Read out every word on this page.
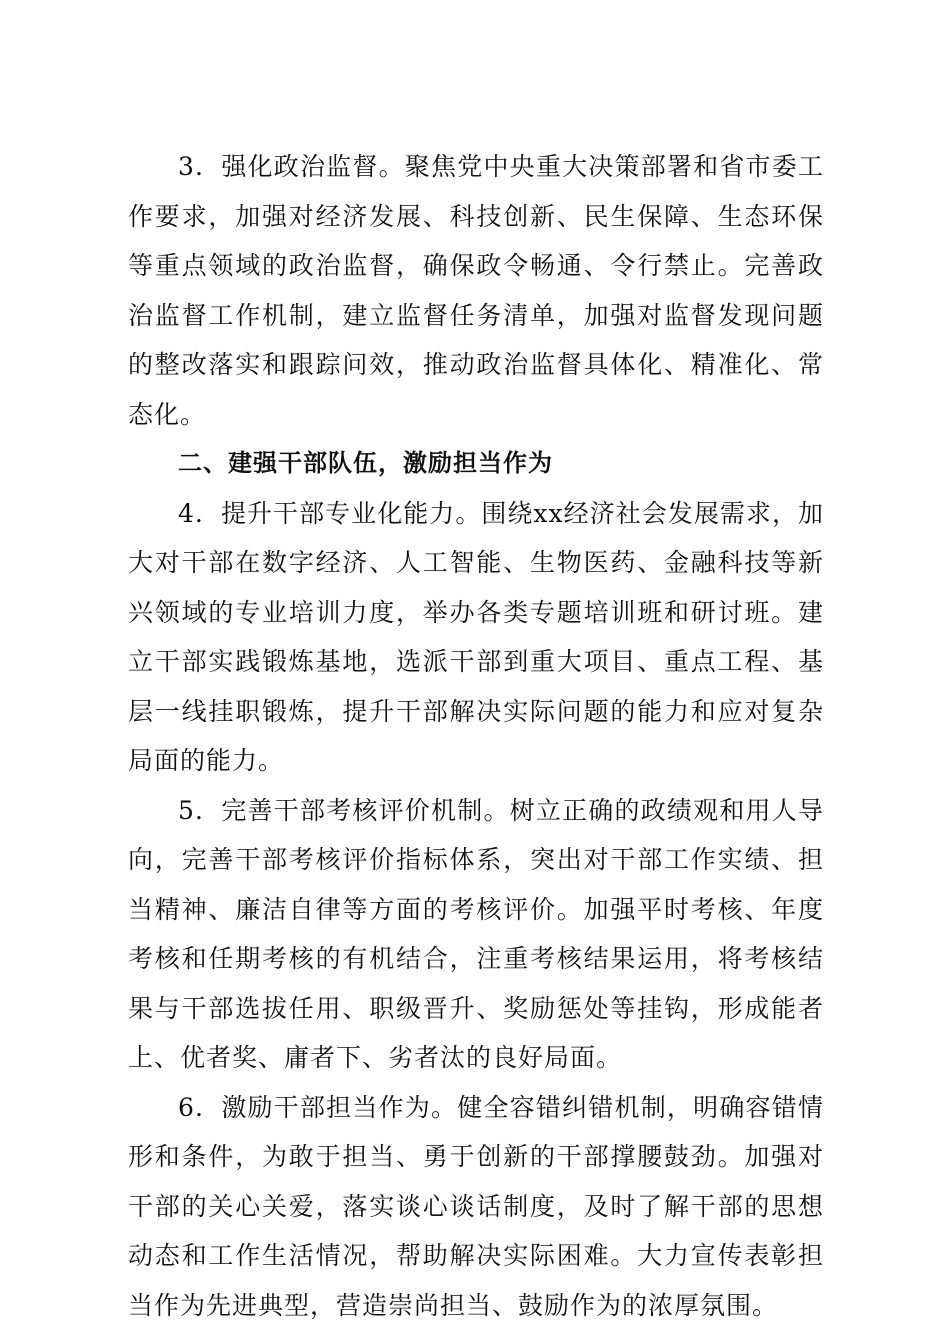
3．强化政治监督。聚焦党中央重大决策部署和省市委工作要求，加强对经济发展、科技创新、民生保障、生态环保等重点领域的政治监督，确保政令畅通、令行禁止。完善政治监督工作机制，建立监督任务清单，加强对监督发现问题的整改落实和跟踪问效，推动政治监督具体化、精准化、常态化。

二、建强干部队伍，激励担当作为

4．提升干部专业化能力。围绕xx经济社会发展需求，加大对干部在数字经济、人工智能、生物医药、金融科技等新兴领域的专业培训力度，举办各类专题培训班和研讨班。建立干部实践锻炼基地，选派干部到重大项目、重点工程、基层一线挂职锻炼，提升干部解决实际问题的能力和应对复杂局面的能力。

5．完善干部考核评价机制。树立正确的政绩观和用人导向，完善干部考核评价指标体系，突出对干部工作实绩、担当精神、廉洁自律等方面的考核评价。加强平时考核、年度考核和任期考核的有机结合，注重考核结果运用，将考核结果与干部选拔任用、职级晋升、奖励惩处等挂钩，形成能者上、优者奖、庸者下、劣者汰的良好局面。

6．激励干部担当作为。健全容错纠错机制，明确容错情形和条件，为敢于担当、勇于创新的干部撑腰鼓劲。加强对干部的关心关爱，落实谈心谈话制度，及时了解干部的思想动态和工作生活情况，帮助解决实际困难。大力宣传表彰担当作为先进典型，营造崇尚担当、鼓励作为的浓厚氛围。
